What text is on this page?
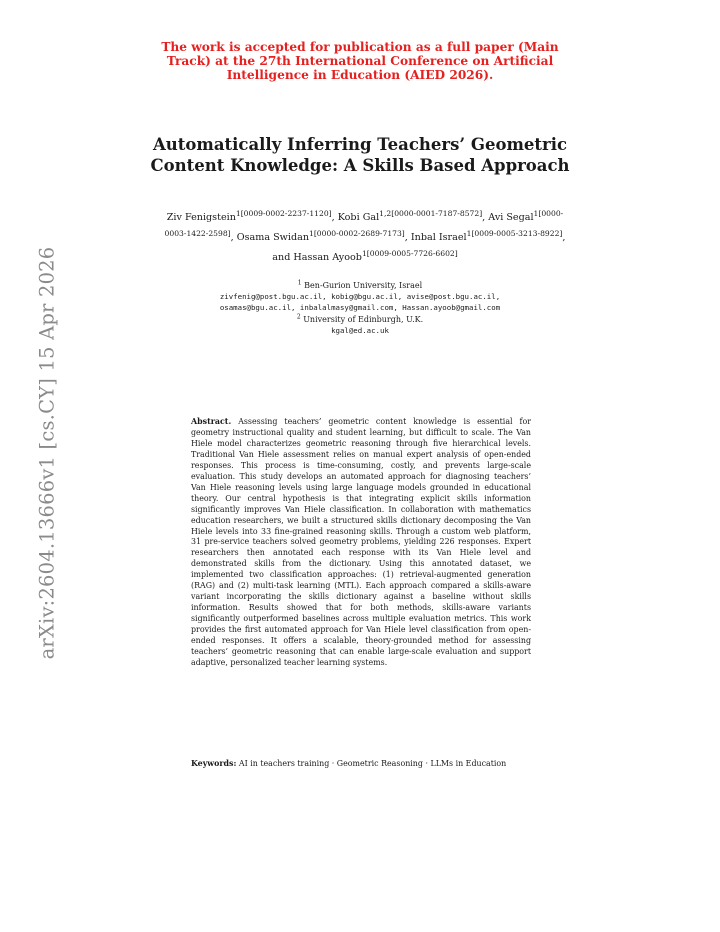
arXiv:2604.13666v1 [cs.CY] 15 Apr 2026
The work is accepted for publication as a full paper (Main Track) at the 27th International Conference on Artificial Intelligence in Education (AIED 2026).
Automatically Inferring Teachers’ Geometric
Content Knowledge: A Skills Based Approach
Ziv Fenigstein$^{1[0009-0002-2237-1120]}$, Kobi Gal$^{1,2[0000-0001-7187-8572]}$, Avi Segal$^{1[0000-0003-1422-2598]}$, Osama Swidan$^{1[0000-0002-2689-7173]}$, Inbal Israel$^{1[0009-0005-3213-8922]}$, and Hassan Ayoob$^{1[0009-0005-7726-6602]}$
$^1$ Ben-Gurion University, Israel
zivfenig@post.bgu.ac.il, kobig@bgu.ac.il, avise@post.bgu.ac.il,
osamas@bgu.ac.il, inbalalmasy@gmail.com, Hassan.ayoob@gmail.com
$^2$ University of Edinburgh, U.K.
kgal@ed.ac.uk
Abstract. Assessing teachers’ geometric content knowledge is essential for geometry instructional quality and student learning, but difficult to scale. The Van Hiele model characterizes geometric reasoning through five hierarchical levels. Traditional Van Hiele assessment relies on manual expert analysis of open-ended responses. This process is time-consuming, costly, and prevents large-scale evaluation. This study develops an automated approach for diagnosing teachers’ Van Hiele reasoning levels using large language models grounded in educational theory. Our central hypothesis is that integrating explicit skills information significantly improves Van Hiele classification. In collaboration with mathematics education researchers, we built a structured skills dictionary decomposing the Van Hiele levels into 33 fine-grained reasoning skills. Through a custom web platform, 31 pre-service teachers solved geometry problems, yielding 226 responses. Expert researchers then annotated each response with its Van Hiele level and demonstrated skills from the dictionary. Using this annotated dataset, we implemented two classification approaches: (1) retrieval-augmented generation (RAG) and (2) multi-task learning (MTL). Each approach compared a skills-aware variant incorporating the skills dictionary against a baseline without skills information. Results showed that for both methods, skills-aware variants significantly outperformed baselines across multiple evaluation metrics. This work provides the first automated approach for Van Hiele level classification from open-ended responses. It offers a scalable, theory-grounded method for assessing teachers’ geometric reasoning that can enable large-scale evaluation and support adaptive, personalized teacher learning systems.
Keywords: AI in teachers training · Geometric Reasoning · LLMs in Education
